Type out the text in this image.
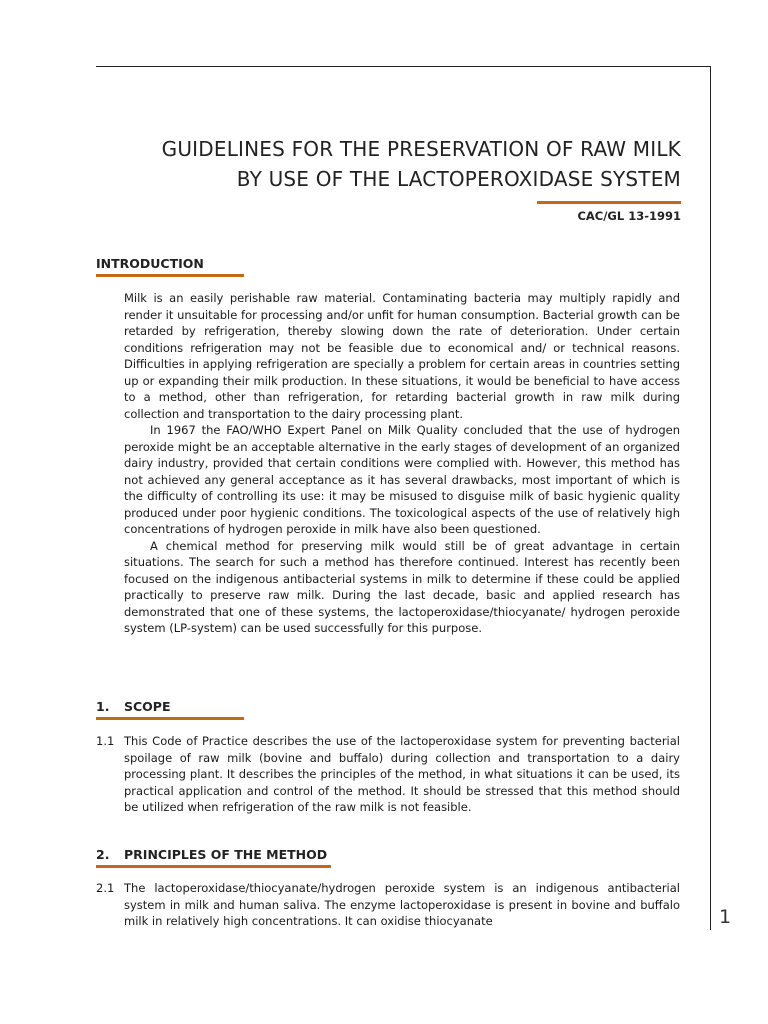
GUIDELINES FOR THE PRESERVATION OF RAW MILK
BY USE OF THE LACTOPEROXIDASE SYSTEM
CAC/GL 13-1991
INTRODUCTION

Milk is an easily perishable raw material. Contaminating bacteria may multiply rapidly and render it unsuitable for processing and/or unfit for human consumption. Bacterial growth can be retarded by refrigeration, thereby slowing down the rate of deterioration. Under certain conditions refrigeration may not be feasible due to economical and/ or technical reasons. Difficulties in applying refrigeration are specially a problem for certain areas in countries setting up or expanding their milk production. In these situations, it would be beneficial to have access to a method, other than refrigeration, for retarding bacterial growth in raw milk during collection and transportation to the dairy processing plant.

In 1967 the FAO/WHO Expert Panel on Milk Quality concluded that the use of hydrogen peroxide might be an acceptable alternative in the early stages of development of an organized dairy industry, provided that certain conditions were complied with. However, this method has not achieved any general acceptance as it has several drawbacks, most important of which is the difficulty of controlling its use: it may be misused to disguise milk of basic hygienic quality produced under poor hygienic conditions. The toxicological aspects of the use of relatively high concentrations of hydrogen peroxide in milk have also been questioned.

A chemical method for preserving milk would still be of great advantage in certain situations. The search for such a method has therefore continued. Interest has recently been focused on the indigenous antibacterial systems in milk to determine if these could be applied practically to preserve raw milk. During the last decade, basic and applied research has demonstrated that one of these systems, the lactoperoxidase/thiocyanate/ hydrogen peroxide system (LP-system) can be used successfully for this purpose.

1. SCOPE
1.1 This Code of Practice describes the use of the lactoperoxidase system for preventing bacterial spoilage of raw milk (bovine and buffalo) during collection and transportation to a dairy processing plant. It describes the principles of the method, in what situations it can be used, its practical application and control of the method. It should be stressed that this method should be utilized when refrigeration of the raw milk is not feasible.
2. PRINCIPLES OF THE METHOD
2.1 The lactoperoxidase/thiocyanate/hydrogen peroxide system is an indigenous antibacterial system in milk and human saliva. The enzyme lactoperoxidase is present in bovine and buffalo milk in relatively high concentrations. It can oxidise thiocyanate	1
